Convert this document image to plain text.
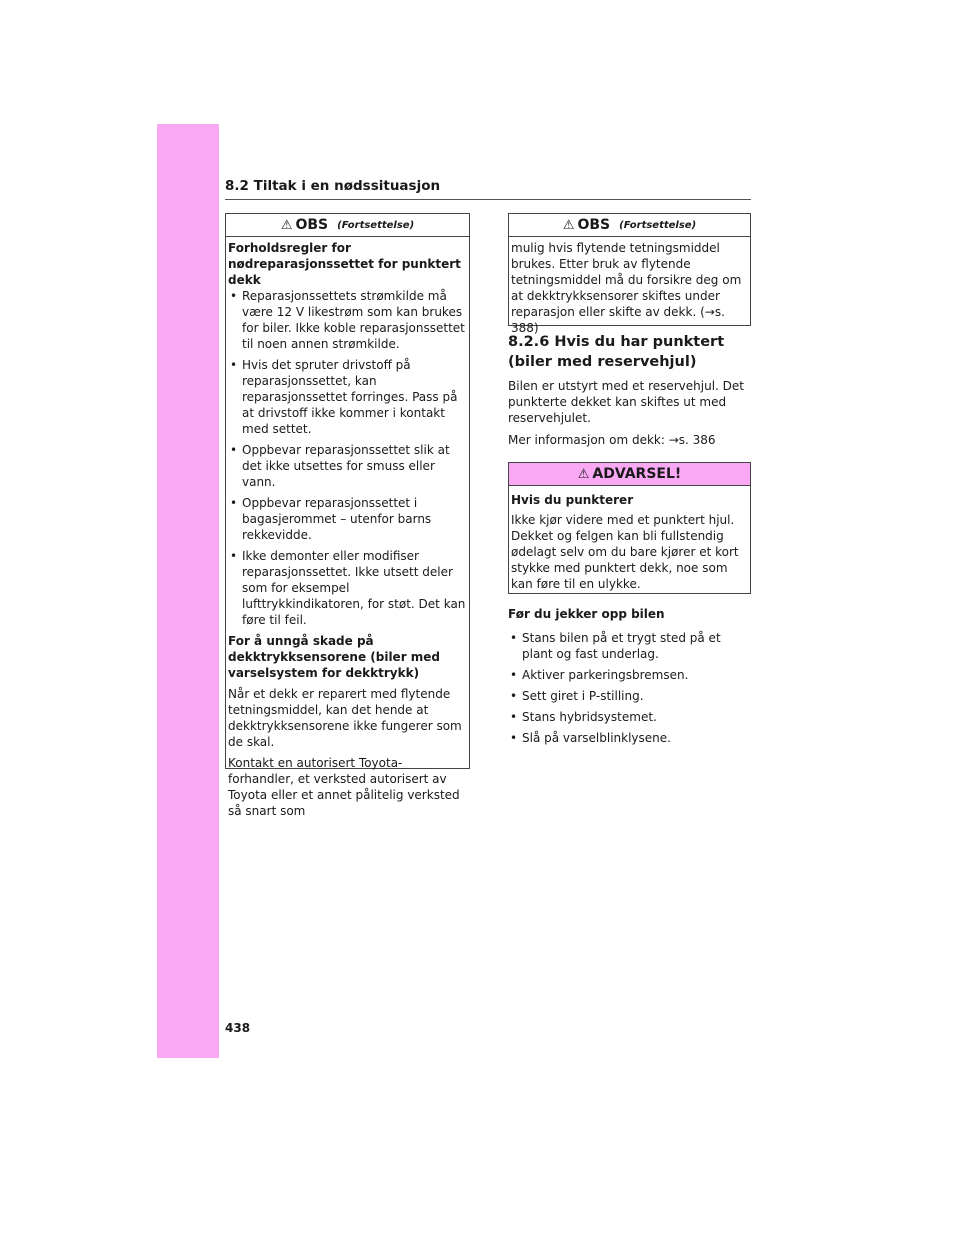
8.2 Tiltak i en nødssituasjon
⚠ OBS (Fortsettelse)

Forholdsregler for nødreparasjonssettet for punktert dekk

• Reparasjonssettets strømkilde må være 12 V likestrøm som kan brukes for biler. Ikke koble reparasjonssettet til noen annen strømkilde.
• Hvis det spruter drivstoff på reparasjonssettet, kan reparasjonssettet forringes. Pass på at drivstoff ikke kommer i kontakt med settet.
• Oppbevar reparasjonssettet slik at det ikke utsettes for smuss eller vann.
• Oppbevar reparasjonssettet i bagasjerommet – utenfor barns rekkevidde.
• Ikke demonter eller modifiser reparasjonssettet. Ikke utsett deler som for eksempel lufttrykkindikatoren, for støt. Det kan føre til feil.

For å unngå skade på dekktrykksensorene (biler med varselsystem for dekktrykk)

Når et dekk er reparert med flytende tetningsmiddel, kan det hende at dekktrykksensorene ikke fungerer som de skal.

Kontakt en autorisert Toyota-forhandler, et verksted autorisert av Toyota eller et annet pålitelig verksted så snart som

⚠ OBS (Fortsettelse)

mulig hvis flytende tetningsmiddel brukes. Etter bruk av flytende tetningsmiddel må du forsikre deg om at dekktrykksensorer skiftes under reparasjon eller skifte av dekk. (→s. 388)

8.2.6 Hvis du har punktert (biler med reservehjul)

Bilen er utstyrt med et reservehjul. Det punkterte dekket kan skiftes ut med reservehjulet.

Mer informasjon om dekk: →s. 386

⚠ ADVARSEL!

Hvis du punkterer

Ikke kjør videre med et punktert hjul. Dekket og felgen kan bli fullstendig ødelagt selv om du bare kjører et kort stykke med punktert dekk, noe som kan føre til en ulykke.

Før du jekker opp bilen

• Stans bilen på et trygt sted på et plant og fast underlag.
• Aktiver parkeringsbremsen.
• Sett giret i P-stilling.
• Stans hybridsystemet.
• Slå på varselblinklysene.
438
